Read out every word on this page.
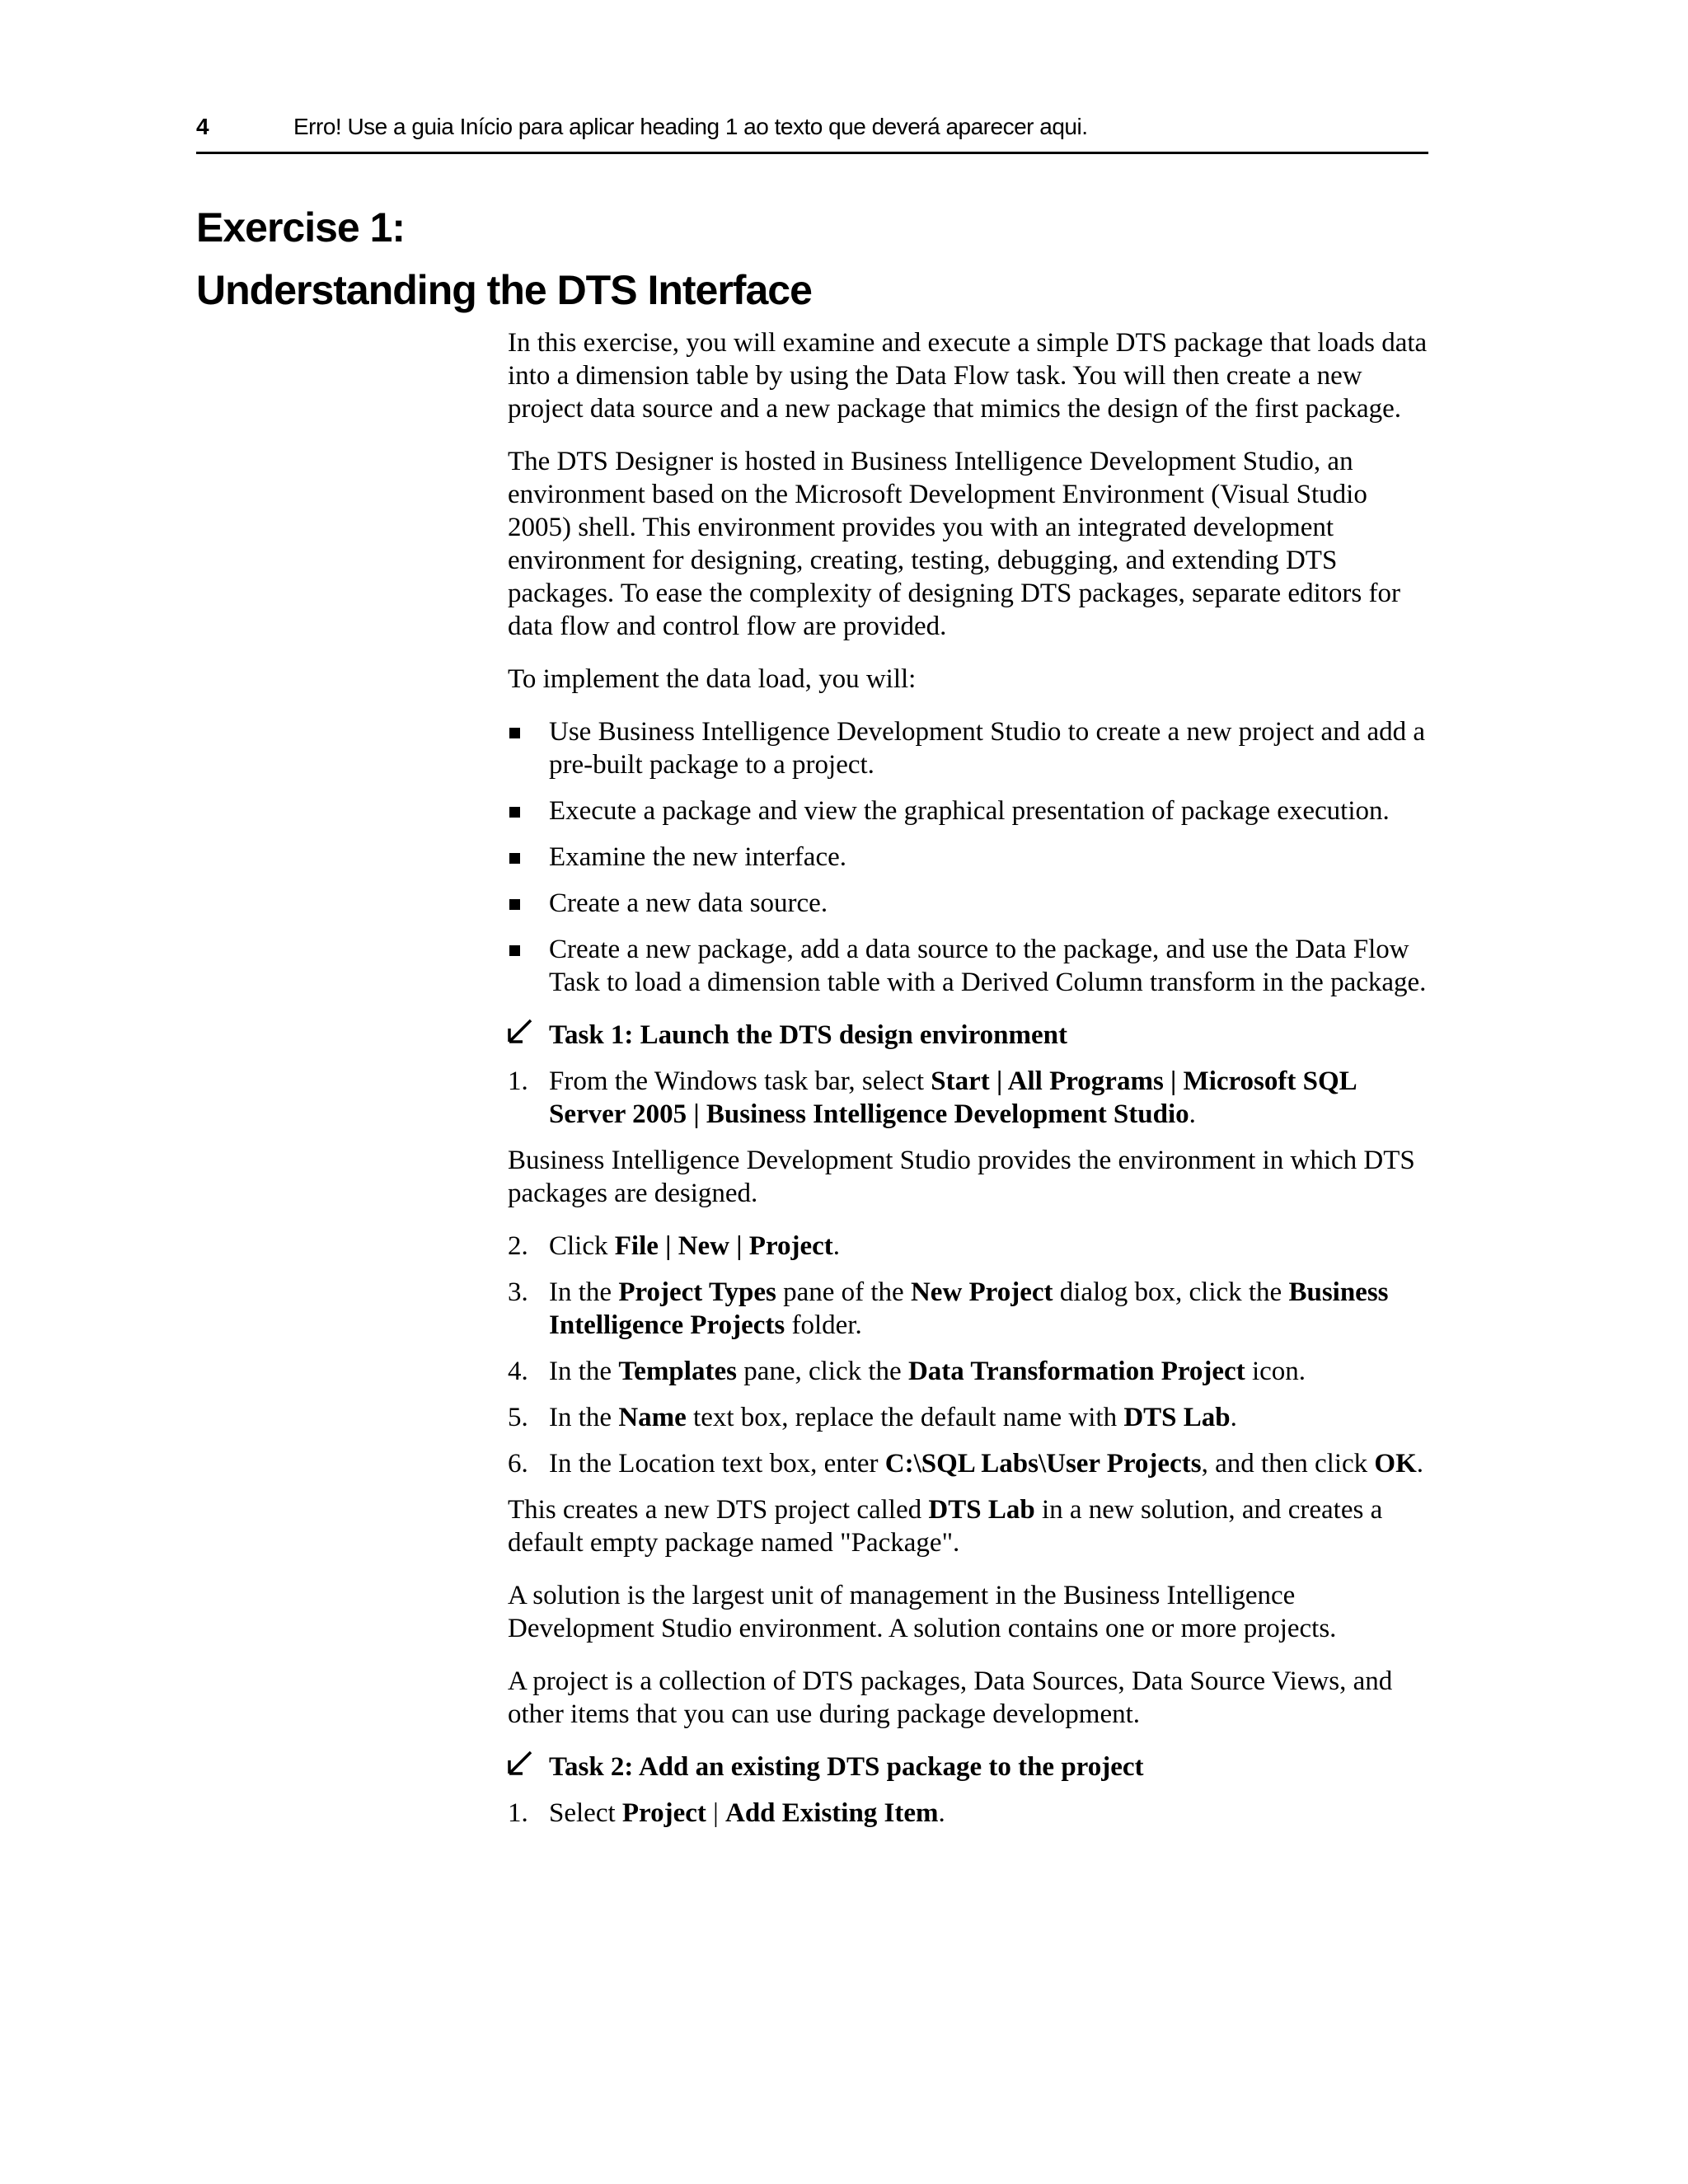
4	Erro! Use a guia Início para aplicar heading 1 ao texto que deverá aparecer aqui.
Exercise 1:
Understanding the DTS Interface

In this exercise, you will examine and execute a simple DTS package that loads data into a dimension table by using the Data Flow task. You will then create a new project data source and a new package that mimics the design of the first package.

The DTS Designer is hosted in Business Intelligence Development Studio, an environment based on the Microsoft Development Environment (Visual Studio 2005) shell. This environment provides you with an integrated development environment for designing, creating, testing, debugging, and extending DTS packages. To ease the complexity of designing DTS packages, separate editors for data flow and control flow are provided.

To implement the data load, you will:

Use Business Intelligence Development Studio to create a new project and add a pre-built package to a project.
Execute a package and view the graphical presentation of package execution.
Examine the new interface.
Create a new data source.
Create a new package, add a data source to the package, and use the Data Flow Task to load a dimension table with a Derived Column transform in the package.
Task 1: Launch the DTS design environment
1. From the Windows task bar, select Start | All Programs | Microsoft SQL Server 2005 | Business Intelligence Development Studio.

Business Intelligence Development Studio provides the environment in which DTS packages are designed.

2. Click File | New | Project.
3. In the Project Types pane of the New Project dialog box, click the Business Intelligence Projects folder.
4. In the Templates pane, click the Data Transformation Project icon.
5. In the Name text box, replace the default name with DTS Lab.
6. In the Location text box, enter C:\SQL Labs\User Projects, and then click OK.

This creates a new DTS project called DTS Lab in a new solution, and creates a default empty package named "Package".

A solution is the largest unit of management in the Business Intelligence Development Studio environment. A solution contains one or more projects.

A project is a collection of DTS packages, Data Sources, Data Source Views, and other items that you can use during package development.

Task 2: Add an existing DTS package to the project
1. Select Project | Add Existing Item.
